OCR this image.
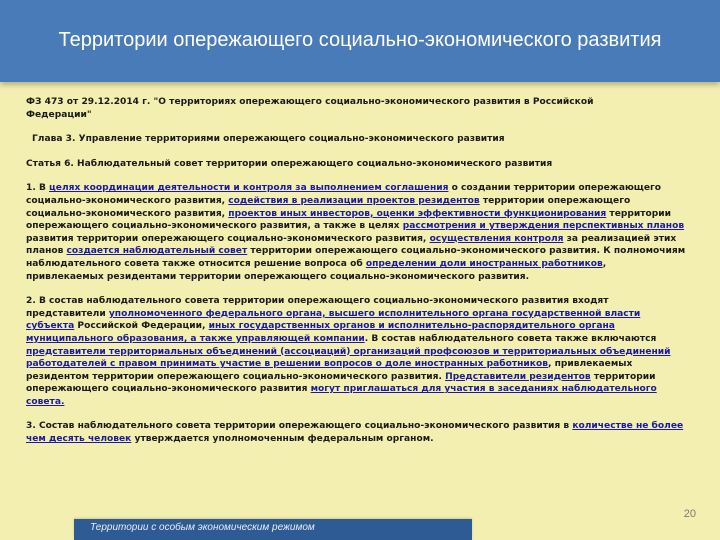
Территории опережающего социально-экономического развития

ФЗ 473 от 29.12.2014 г. "О территориях опережающего социально-экономического развития в Российской

Федерации"

Глава 3. Управление территориями опережающего социально-экономического развития

Статья 6. Наблюдательный совет территории опережающего социально-экономического развития

1. В целях координации деятельности и контроля за выполнением соглашения о создании территории опережающего социально-экономического развития, содействия в реализации проектов резидентов территории опережающего социально-экономического развития, проектов иных инвесторов, оценки эффективности функционирования территории опережающего социально-экономического развития, а также в целях рассмотрения и утверждения перспективных планов развития территории опережающего социально-экономического развития, осуществления контроля за реализацией этих планов создается наблюдательный совет территории опережающего социально-экономического развития. К полномочиям наблюдательного совета также относится решение вопроса об определении доли иностранных работников, привлекаемых резидентами территории опережающего социально-экономического развития.

2. В состав наблюдательного совета территории опережающего социально-экономического развития входят представители уполномоченного федерального органа, высшего исполнительного органа государственной власти субъекта Российской Федерации, иных государственных органов и исполнительно-распорядительного органа муниципального образования, а также управляющей компании. В состав наблюдательного совета также включаются представители территориальных объединений (ассоциаций) организаций профсоюзов и территориальных объединений работодателей с правом принимать участие в решении вопросов о доле иностранных работников, привлекаемых резидентом территории опережающего социально-экономического развития. Представители резидентов территории опережающего социально-экономического развития могут приглашаться для участия в заседаниях наблюдательного совета.

3. Состав наблюдательного совета территории опережающего социально-экономического развития в количестве не более чем десять человек утверждается уполномоченным федеральным органом.

20
Территории с особым экономическим режимом
